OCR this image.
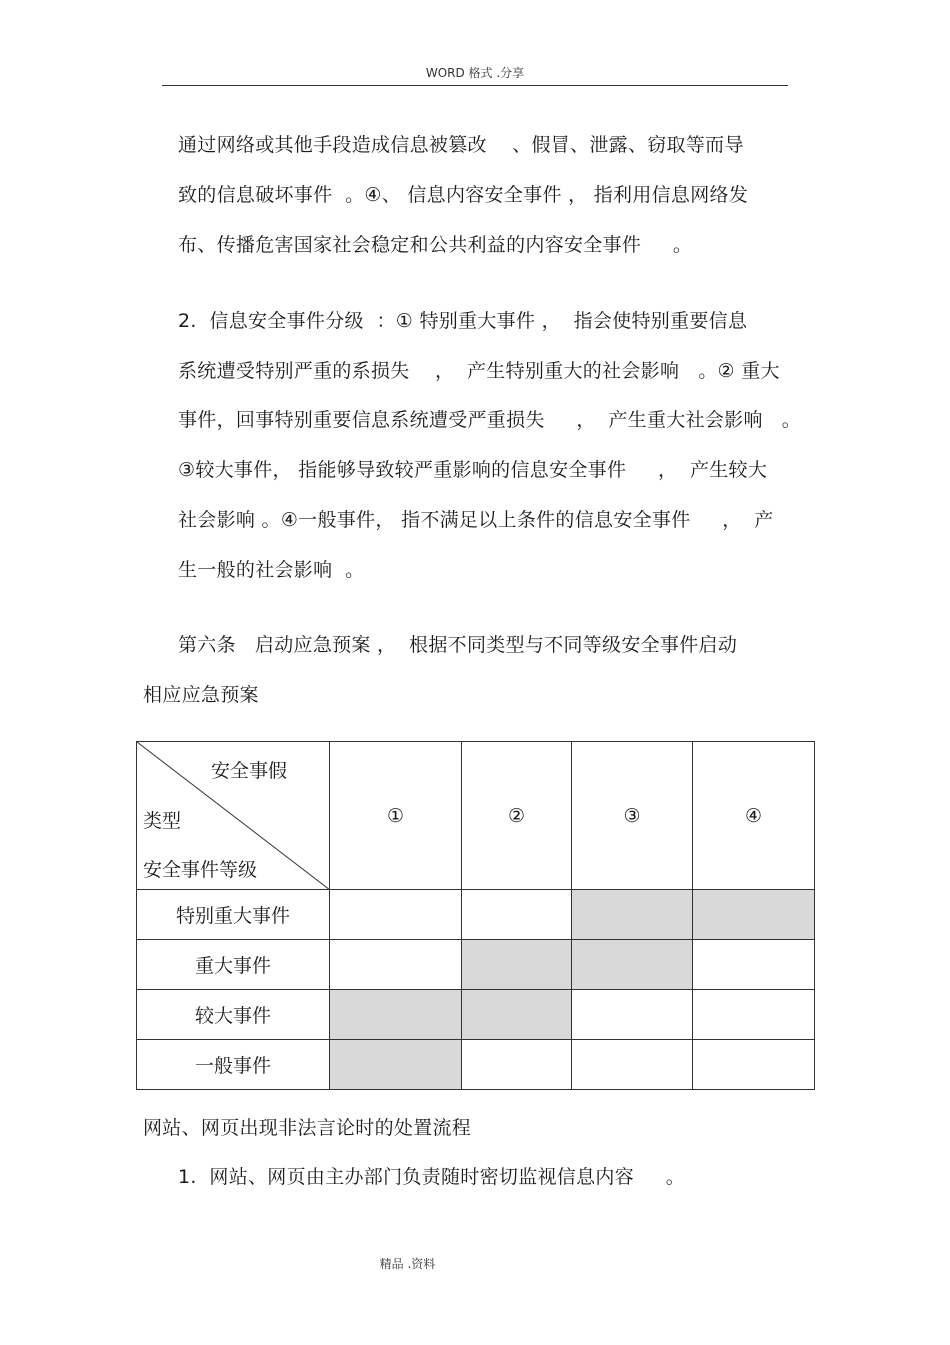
WORD 格式 .分享
通过网络或其他手段造成信息被篡改    、假冒、泄露、窃取等而导
致的信息破坏事件  。④、 信息内容安全事件 ， 指利用信息网络发
布、传播危害国家社会稳定和公共利益的内容安全事件     。
2.  信息安全事件分级  ：① 特别重大事件 ，  指会使特别重要信息
系统遭受特别严重的系损失    ，  产生特别重大的社会影响   。② 重大
事件，回事特别重要信息系统遭受严重损失     ，  产生重大社会影响   。
③较大事件， 指能够导致较严重影响的信息安全事件     ，  产生较大
社会影响 。④一般事件， 指不满足以上条件的信息安全事件     ，  产
生一般的社会影响  。
第六条   启动应急预案 ，  根据不同类型与不同等级安全事件启动
相应应急预案
安全事假
类型
安全事件等级	①	②	③	④
特别重大事件				
重大事件				
较大事件				
一般事件				
网站、网页出现非法言论时的处置流程
1.  网站、网页由主办部门负责随时密切监视信息内容     。
精品 .资料
